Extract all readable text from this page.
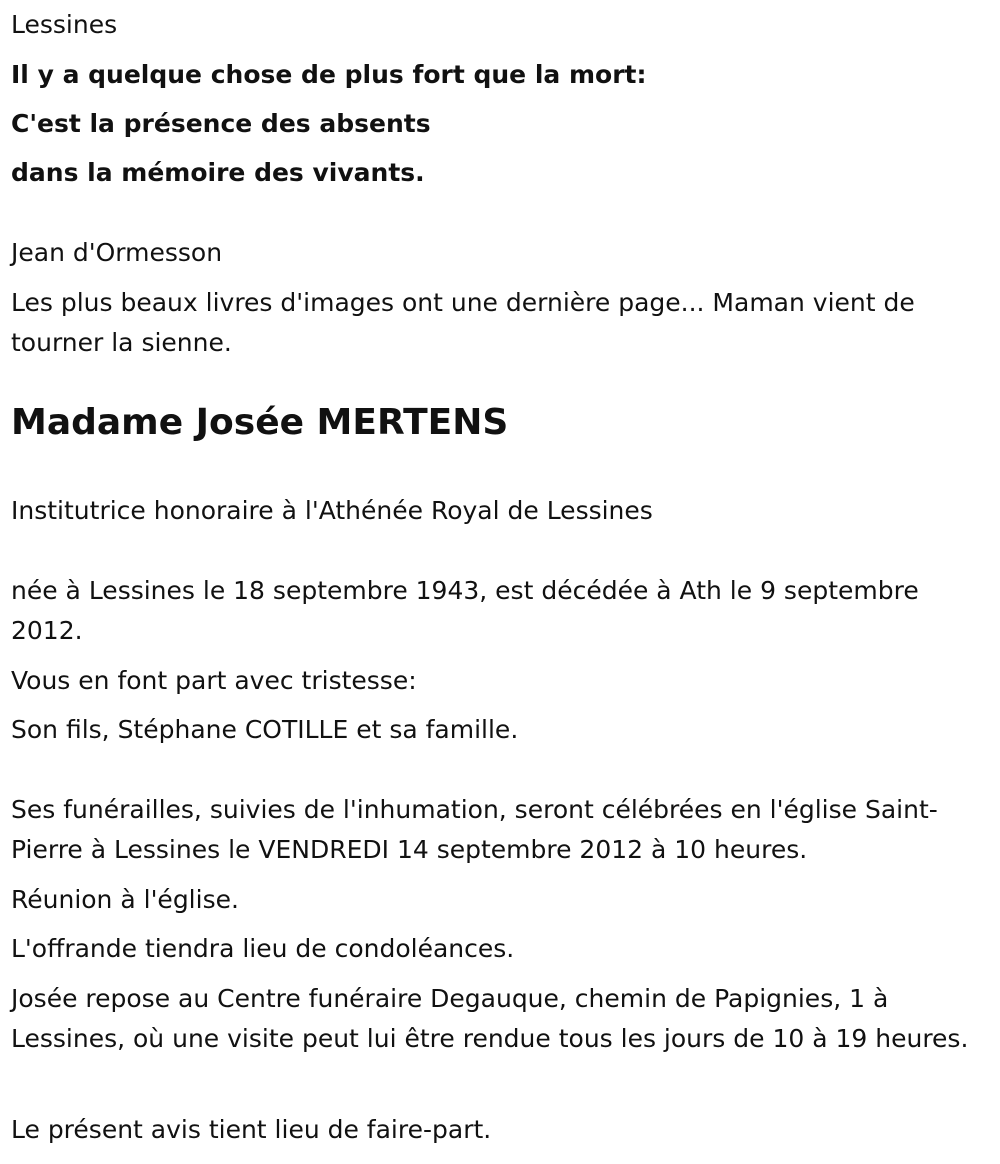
Lessines

Il y a quelque chose de plus fort que la mort:

C'est la présence des absents

dans la mémoire des vivants.

Jean d'Ormesson

Les plus beaux livres d'images ont une dernière page... Maman vient de tourner la sienne.

Madame Josée MERTENS

Institutrice honoraire à l'Athénée Royal de Lessines

née à Lessines le 18 septembre 1943, est décédée à Ath le 9 septembre 2012.

Vous en font part avec tristesse:

Son fils, Stéphane COTILLE et sa famille.

Ses funérailles, suivies de l'inhumation, seront célébrées en l'église Saint-Pierre à Lessines le VENDREDI 14 septembre 2012 à 10 heures.

Réunion à l'église.

L'offrande tiendra lieu de condoléances.

Josée repose au Centre funéraire Degauque, chemin de Papignies, 1 à Lessines, où une visite peut lui être rendue tous les jours de 10 à 19 heures.

Le présent avis tient lieu de faire-part.
